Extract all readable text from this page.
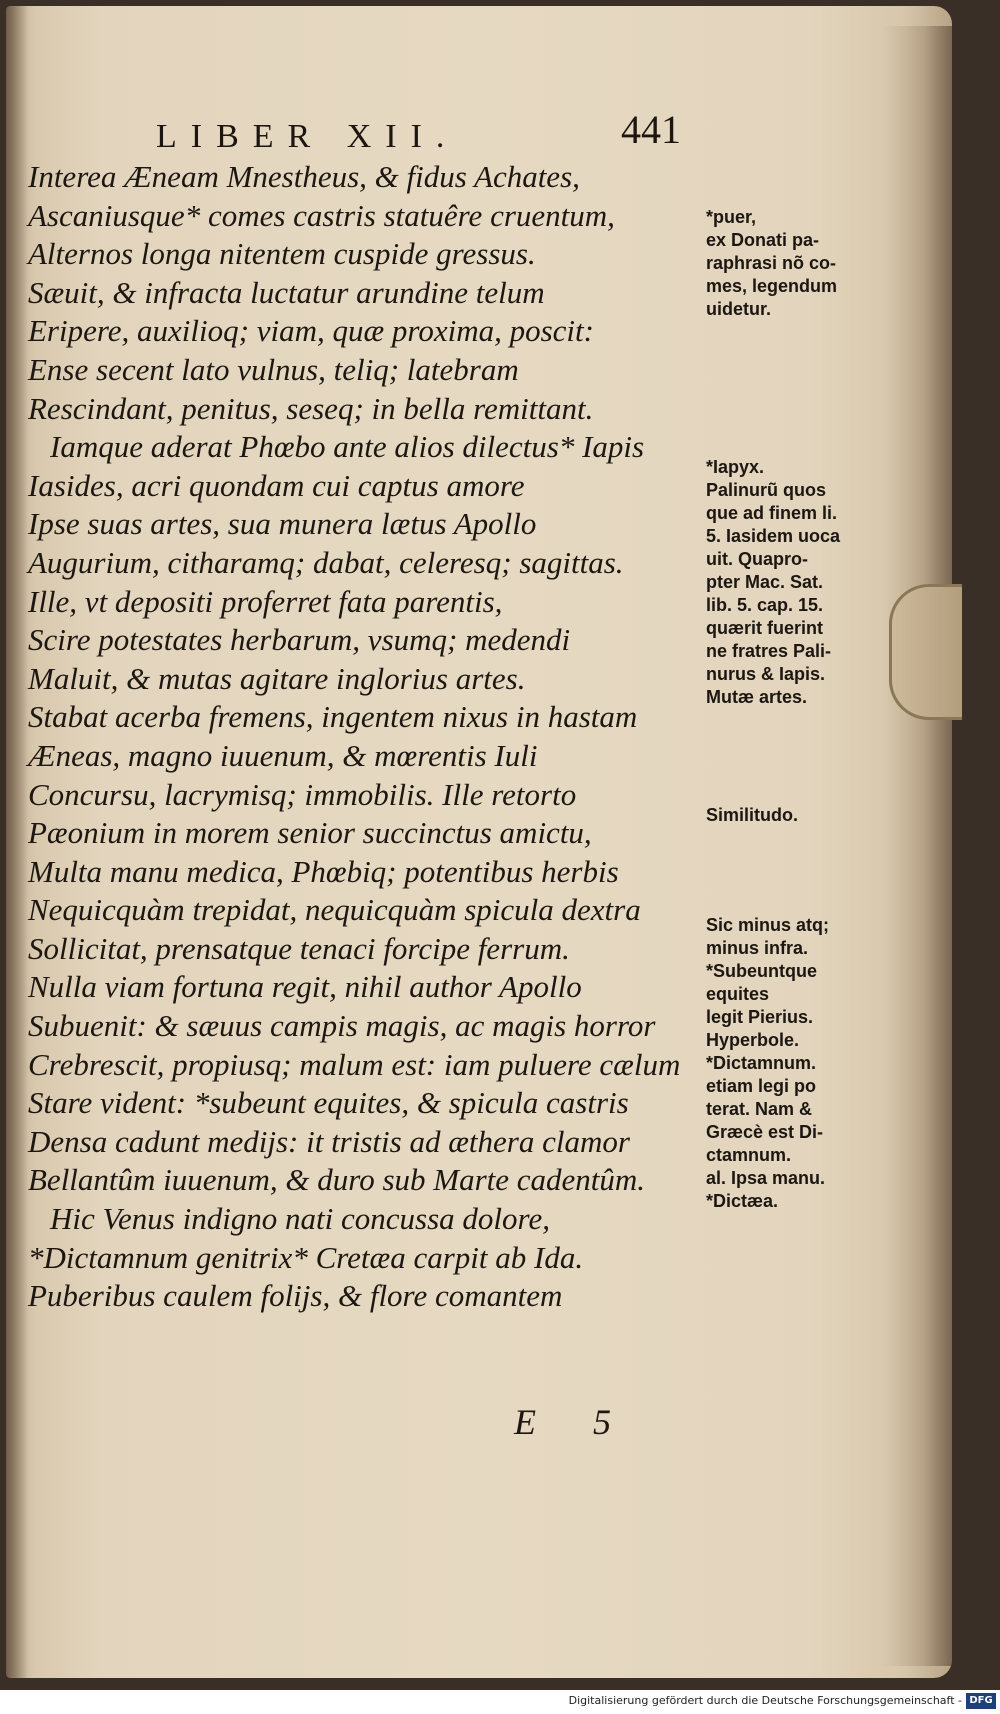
LIBER XII.	441
Interea Æneam Mnestheus, & fidus Achates,
Ascaniusque* comes castris statuêre cruentum,
Alternos longa nitentem cuspide gressus.
Sæuit, & infracta luctatur arundine telum
Eripere, auxilioq; viam, quæ proxima, poscit:
Ense secent lato vulnus, teliq; latebram
Rescindant, penitus, seseq; in bella remittant.
Iamque aderat Phœbo ante alios dilectus* Iapis
Iasides, acri quondam cui captus amore
Ipse suas artes, sua munera lætus Apollo
Augurium, citharamq; dabat, celeresq; sagittas.
Ille, vt depositi proferret fata parentis,
Scire potestates herbarum, vsumq; medendi
Maluit, & mutas agitare inglorius artes.
Stabat acerba fremens, ingentem nixus in hastam
Æneas, magno iuuenum, & mœrentis Iuli
Concursu, lacrymisq; immobilis. Ille retorto
Pæonium in morem senior succinctus amictu,
Multa manu medica, Phœbiq; potentibus herbis
Nequicquàm trepidat, nequicquàm spicula dextra
Sollicitat, prensatque tenaci forcipe ferrum.
Nulla viam fortuna regit, nihil author Apollo
Subuenit: & sæuus campis magis, ac magis horror
Crebrescit, propiusq; malum est: iam puluere cælum
Stare vident: *subeunt equites, & spicula castris
Densa cadunt medijs: it tristis ad æthera clamor
Bellantûm iuuenum, & duro sub Marte cadentûm.
Hic Venus indigno nati concussa dolore,
*Dictamnum genitrix* Cretæa carpit ab Ida.
Puberibus caulem folijs, & flore comantem
*puer,
ex Donati pa-
raphrasi nõ co-
mes, legendum
uidetur.
*Iapyx.
Palinurũ quos
que ad finem li.
5. Iasidem uoca
uit. Quapro-
pter Mac. Sat.
lib. 5. cap. 15.
quærit fuerint
ne fratres Pali-
nurus & Iapis.
Mutæ artes.
Similitudo.
Sic minus atq;
minus infra.
*Subeuntque
equites
legit Pierius.
Hyperbole.
*Dictamnum.
etiam legi po
terat. Nam &
Græcè est Di-
ctamnum.
al. Ipsa manu.
*Dictæa.
E 5
Digitalisierung gefördert durch die Deutsche Forschungsgemeinschaft - DFG
